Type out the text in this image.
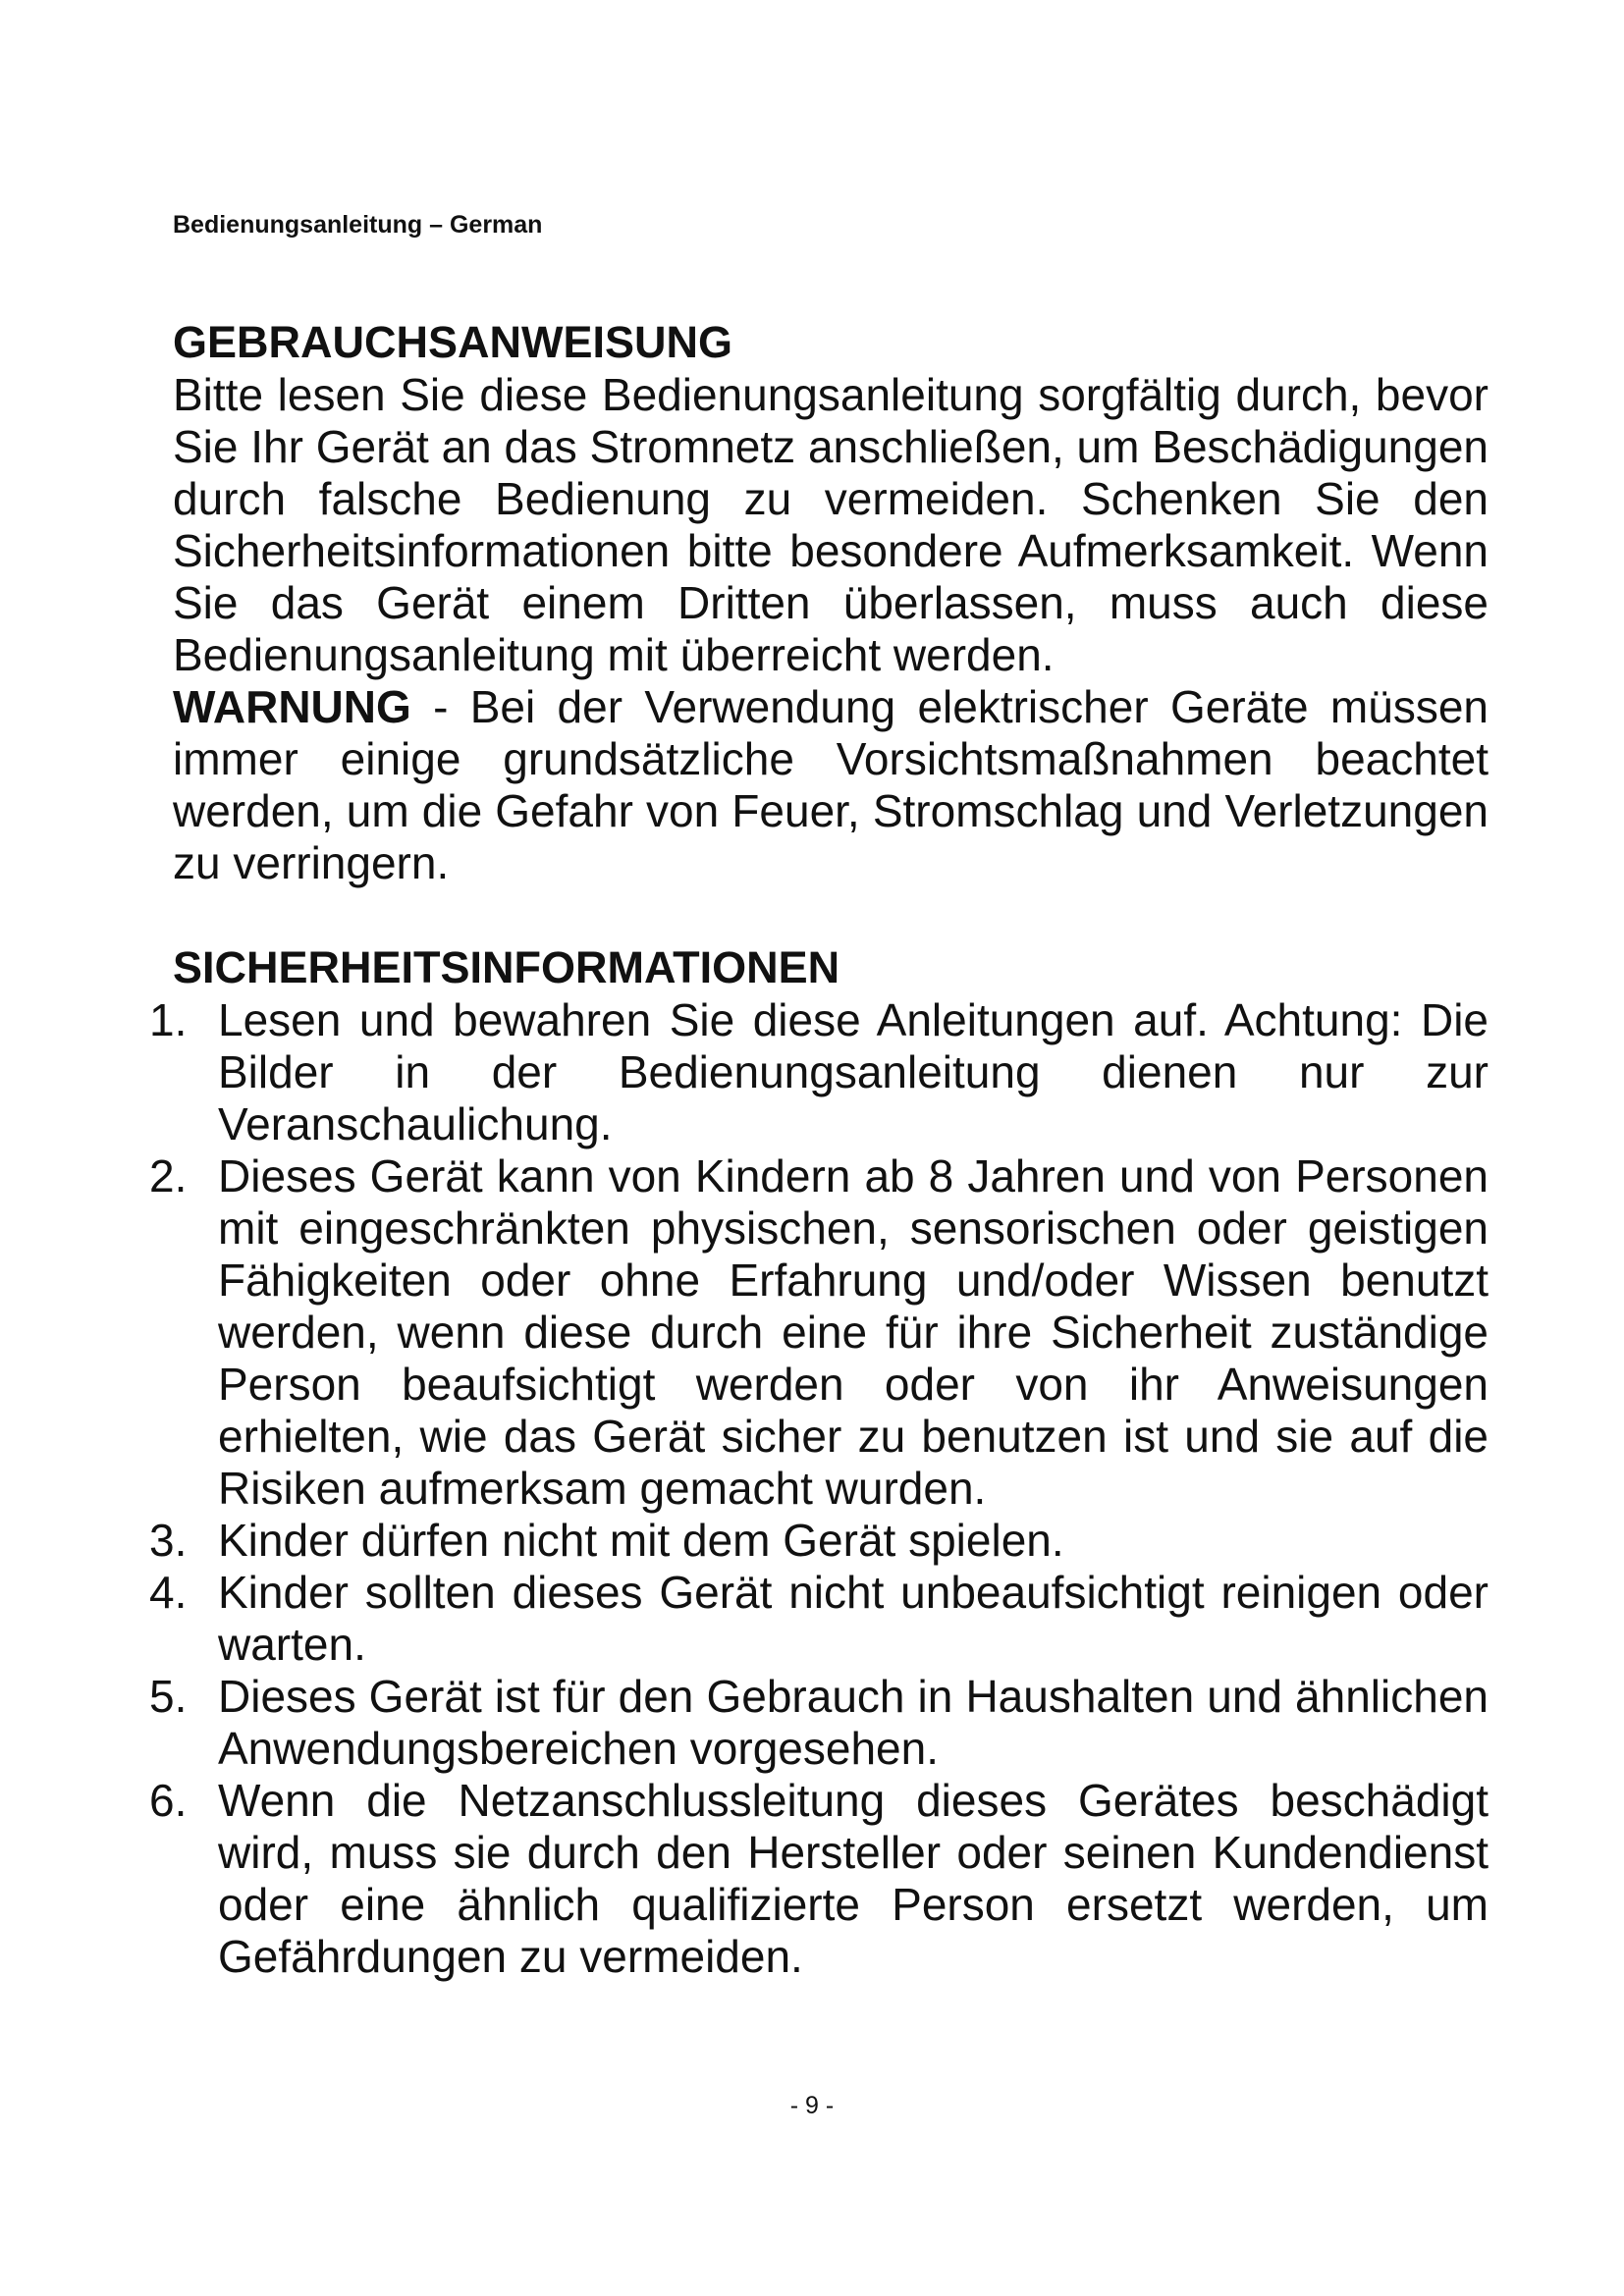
Bedienungsanleitung – German
GEBRAUCHSANWEISUNG

Bitte lesen Sie diese Bedienungsanleitung sorgfältig durch, bevor Sie Ihr Gerät an das Stromnetz anschließen, um Beschädigungen durch falsche Bedienung zu vermeiden. Schenken Sie den Sicherheitsinformationen bitte besondere Aufmerksamkeit. Wenn Sie das Gerät einem Dritten überlassen, muss auch diese Bedienungsanleitung mit überreicht werden.

WARNUNG - Bei der Verwendung elektrischer Geräte müssen immer einige grundsätzliche Vorsichtsmaßnahmen beachtet werden, um die Gefahr von Feuer, Stromschlag und Verletzungen zu verringern.

SICHERHEITSINFORMATIONEN
1. Lesen und bewahren Sie diese Anleitungen auf. Achtung: Die Bilder in der Bedienungsanleitung dienen nur zur Veranschaulichung.
2. Dieses Gerät kann von Kindern ab 8 Jahren und von Personen mit eingeschränkten physischen, sensorischen oder geistigen Fähigkeiten oder ohne Erfahrung und/oder Wissen benutzt werden, wenn diese durch eine für ihre Sicherheit zuständige Person beaufsichtigt werden oder von ihr Anweisungen erhielten, wie das Gerät sicher zu benutzen ist und sie auf die Risiken aufmerksam gemacht wurden.
3. Kinder dürfen nicht mit dem Gerät spielen.
4. Kinder sollten dieses Gerät nicht unbeaufsichtigt reinigen oder warten.
5. Dieses Gerät ist für den Gebrauch in Haushalten und ähnlichen Anwendungsbereichen vorgesehen.
6. Wenn die Netzanschlussleitung dieses Gerätes beschädigt wird, muss sie durch den Hersteller oder seinen Kundendienst oder eine ähnlich qualifizierte Person ersetzt werden, um Gefährdungen zu vermeiden.
- 9 -
